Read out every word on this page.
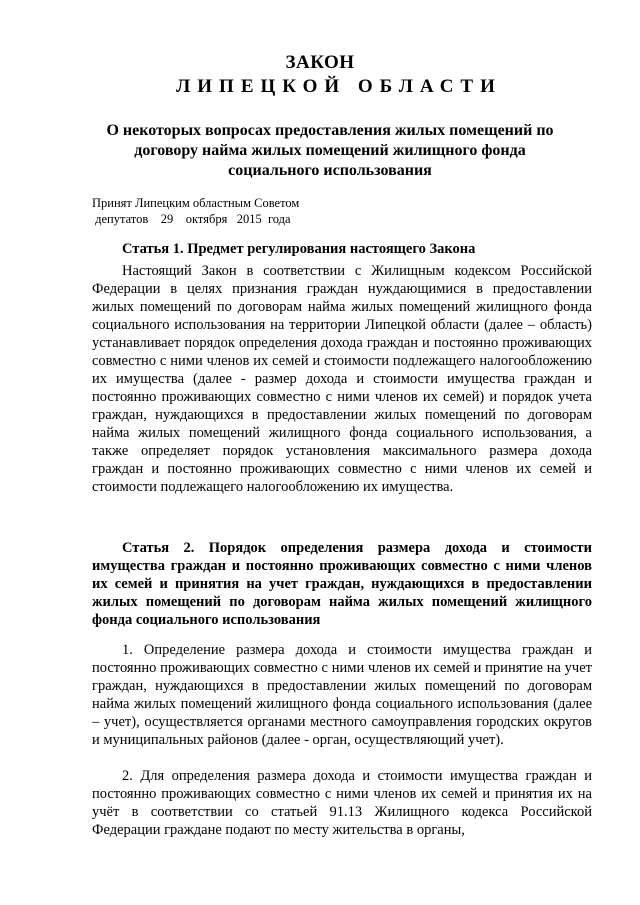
ЗАКОН
ЛИПЕЦКОЙ ОБЛАСТИ
О некоторых вопросах предоставления жилых помещений по договору найма жилых помещений жилищного фонда социального использования
Принят Липецким областным Советом
депутатов    29    октября   2015  года
Статья 1. Предмет регулирования настоящего Закона
Настоящий Закон в соответствии с Жилищным кодексом Российской Федерации в целях признания граждан нуждающимися в предоставлении жилых помещений по договорам найма жилых помещений жилищного фонда социального использования на территории Липецкой области (далее – область) устанавливает порядок определения дохода граждан и постоянно проживающих совместно с ними членов их семей и стоимости подлежащего налогообложению их имущества (далее - размер дохода и стоимости имущества граждан и постоянно проживающих совместно с ними членов их семей) и порядок учета граждан, нуждающихся в предоставлении жилых помещений по договорам найма жилых помещений жилищного фонда социального использования, а также определяет порядок установления максимального размера дохода граждан и постоянно проживающих совместно с ними членов их семей и стоимости подлежащего налогообложению их имущества.
Статья 2. Порядок определения размера дохода и стоимости имущества граждан и постоянно проживающих совместно с ними членов их семей и принятия на учет граждан, нуждающихся в предоставлении жилых помещений по договорам найма жилых помещений жилищного фонда социального использования
1. Определение размера дохода и стоимости имущества граждан и постоянно проживающих совместно с ними членов их семей и принятие на учет граждан, нуждающихся в предоставлении жилых помещений по договорам найма жилых помещений жилищного фонда социального использования (далее – учет), осуществляется органами местного самоуправления городских округов и муниципальных районов (далее - орган, осуществляющий учет).
2. Для определения размера дохода и стоимости имущества граждан и постоянно проживающих совместно с ними членов их семей и принятия их на учёт в соответствии со статьей 91.13 Жилищного кодекса Российской Федерации граждане подают по месту жительства в органы,
